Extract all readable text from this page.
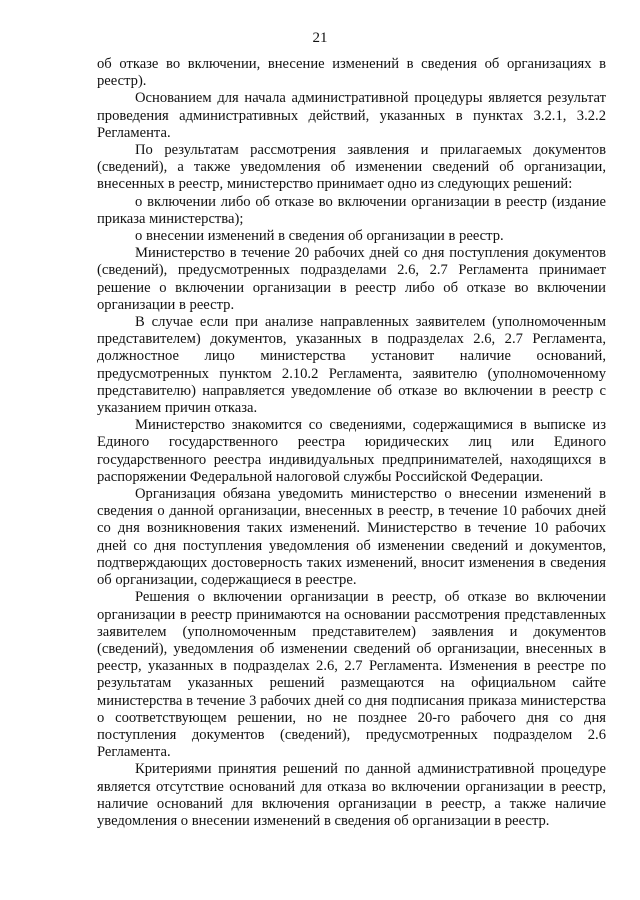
21

об отказе во включении, внесение изменений в сведения об организациях в реестр).

Основанием для начала административной процедуры является результат проведения административных действий, указанных в пунктах 3.2.1, 3.2.2 Регламента.

По результатам рассмотрения заявления и прилагаемых документов (сведений), а также уведомления об изменении сведений об организации, внесенных в реестр, министерство принимает одно из следующих решений:

о включении либо об отказе во включении организации в реестр (издание приказа министерства);

о внесении изменений в сведения об организации в реестр.

Министерство в течение 20 рабочих дней со дня поступления документов (сведений), предусмотренных подразделами 2.6, 2.7 Регламента принимает решение о включении организации в реестр либо об отказе во включении организации в реестр.

В случае если при анализе направленных заявителем (уполномоченным представителем) документов, указанных в подразделах 2.6, 2.7 Регламента, должностное лицо министерства установит наличие оснований, предусмотренных пунктом 2.10.2 Регламента, заявителю (уполномоченному представителю) направляется уведомление об отказе во включении в реестр с указанием причин отказа.

Министерство знакомится со сведениями, содержащимися в выписке из Единого государственного реестра юридических лиц или Единого государственного реестра индивидуальных предпринимателей, находящихся в распоряжении Федеральной налоговой службы Российской Федерации.

Организация обязана уведомить министерство о внесении изменений в сведения о данной организации, внесенных в реестр, в течение 10 рабочих дней со дня возникновения таких изменений. Министерство в течение 10 рабочих дней со дня поступления уведомления об изменении сведений и документов, подтверждающих достоверность таких изменений, вносит изменения в сведения об организации, содержащиеся в реестре.

Решения о включении организации в реестр, об отказе во включении организации в реестр принимаются на основании рассмотрения представленных заявителем (уполномоченным представителем) заявления и документов (сведений), уведомления об изменении сведений об организации, внесенных в реестр, указанных в подразделах 2.6, 2.7 Регламента. Изменения в реестре по результатам указанных решений размещаются на официальном сайте министерства в течение 3 рабочих дней со дня подписания приказа министерства о соответствующем решении, но не позднее 20-го рабочего дня со дня поступления документов (сведений), предусмотренных подразделом 2.6 Регламента.

Критериями принятия решений по данной административной процедуре является отсутствие оснований для отказа во включении организации в реестр, наличие оснований для включения организации в реестр, а также наличие уведомления о внесении изменений в сведения об организации в реестр.
